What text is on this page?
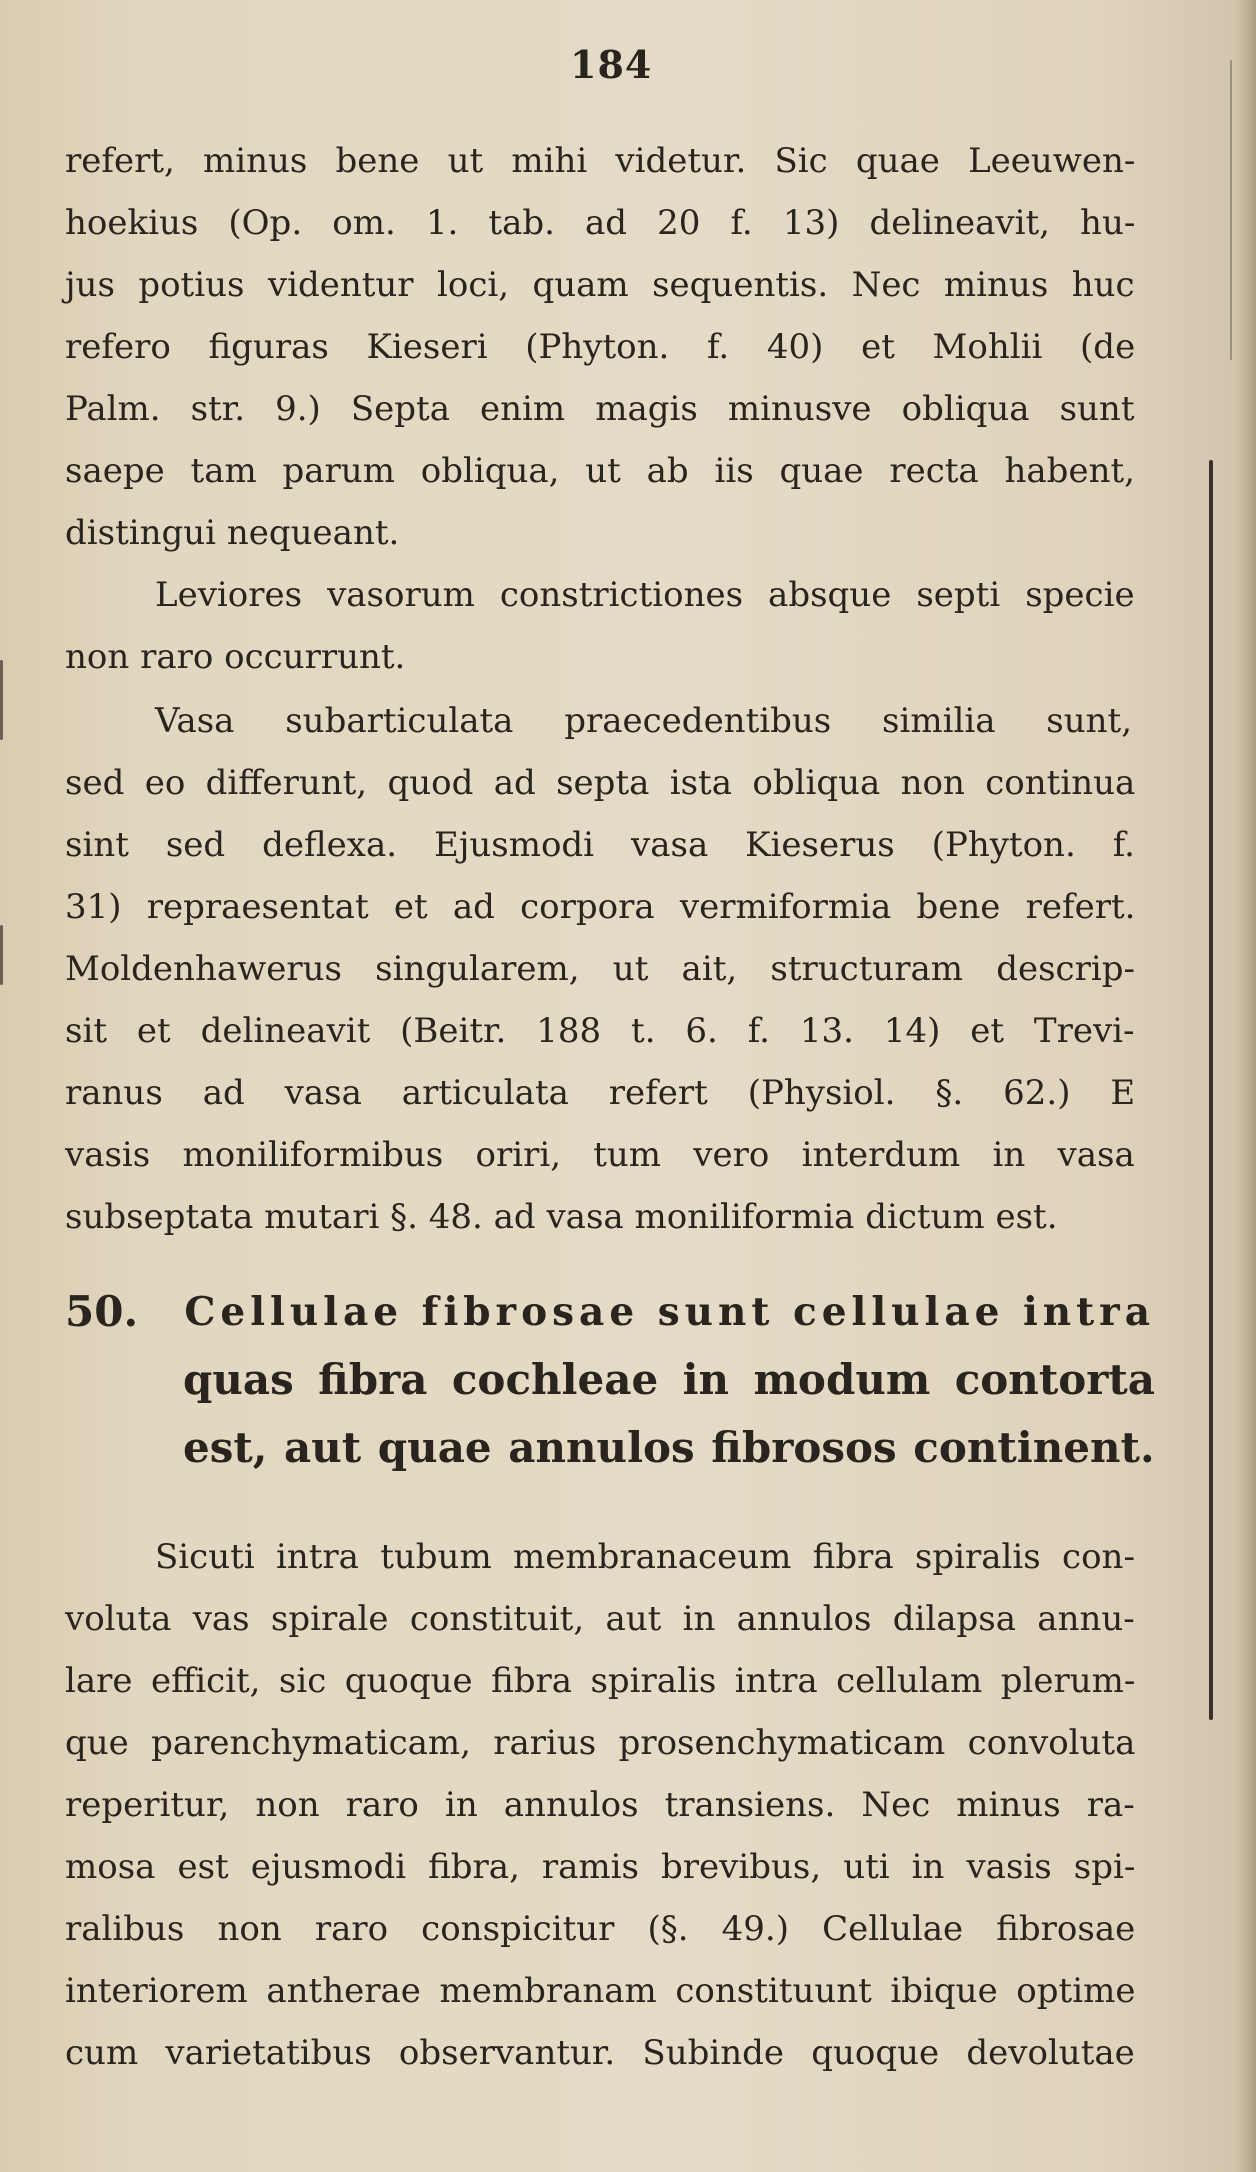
184
refert, minus bene ut mihi videtur. Sic quae Leeuwen-
hoekius (Op. om. 1. tab. ad 20 f. 13) delineavit, hu-
jus potius videntur loci, quam sequentis. Nec minus huc
refero figuras Kieseri (Phyton. f. 40) et Mohlii (de
Palm. str. 9.) Septa enim magis minusve obliqua sunt
saepe tam parum obliqua, ut ab iis quae recta habent,
distingui nequeant.
Leviores vasorum constrictiones absque septi specie
non raro occurrunt.
Vasa subarticulata praecedentibus similia sunt,
sed eo differunt, quod ad septa ista obliqua non continua
sint sed deflexa. Ejusmodi vasa Kieserus (Phyton. f.
31) repraesentat et ad corpora vermiformia bene refert.
Moldenhawerus singularem, ut ait, structuram descrip-
sit et delineavit (Beitr. 188 t. 6. f. 13. 14) et Trevi-
ranus ad vasa articulata refert (Physiol. §. 62.) E
vasis moniliformibus oriri, tum vero interdum in vasa
subseptata mutari §. 48. ad vasa moniliformia dictum est.
50.	Cellulae fibrosae sunt cellulae intra
quas fibra cochleae in modum contorta
est, aut quae annulos fibrosos continent.
Sicuti intra tubum membranaceum fibra spiralis con-
voluta vas spirale constituit, aut in annulos dilapsa annu-
lare efficit, sic quoque fibra spiralis intra cellulam plerum-
que parenchymaticam, rarius prosenchymaticam convoluta
reperitur, non raro in annulos transiens. Nec minus ra-
mosa est ejusmodi fibra, ramis brevibus, uti in vasis spi-
ralibus non raro conspicitur (§. 49.) Cellulae fibrosae
interiorem antherae membranam constituunt ibique optime
cum varietatibus observantur. Subinde quoque devolutae
